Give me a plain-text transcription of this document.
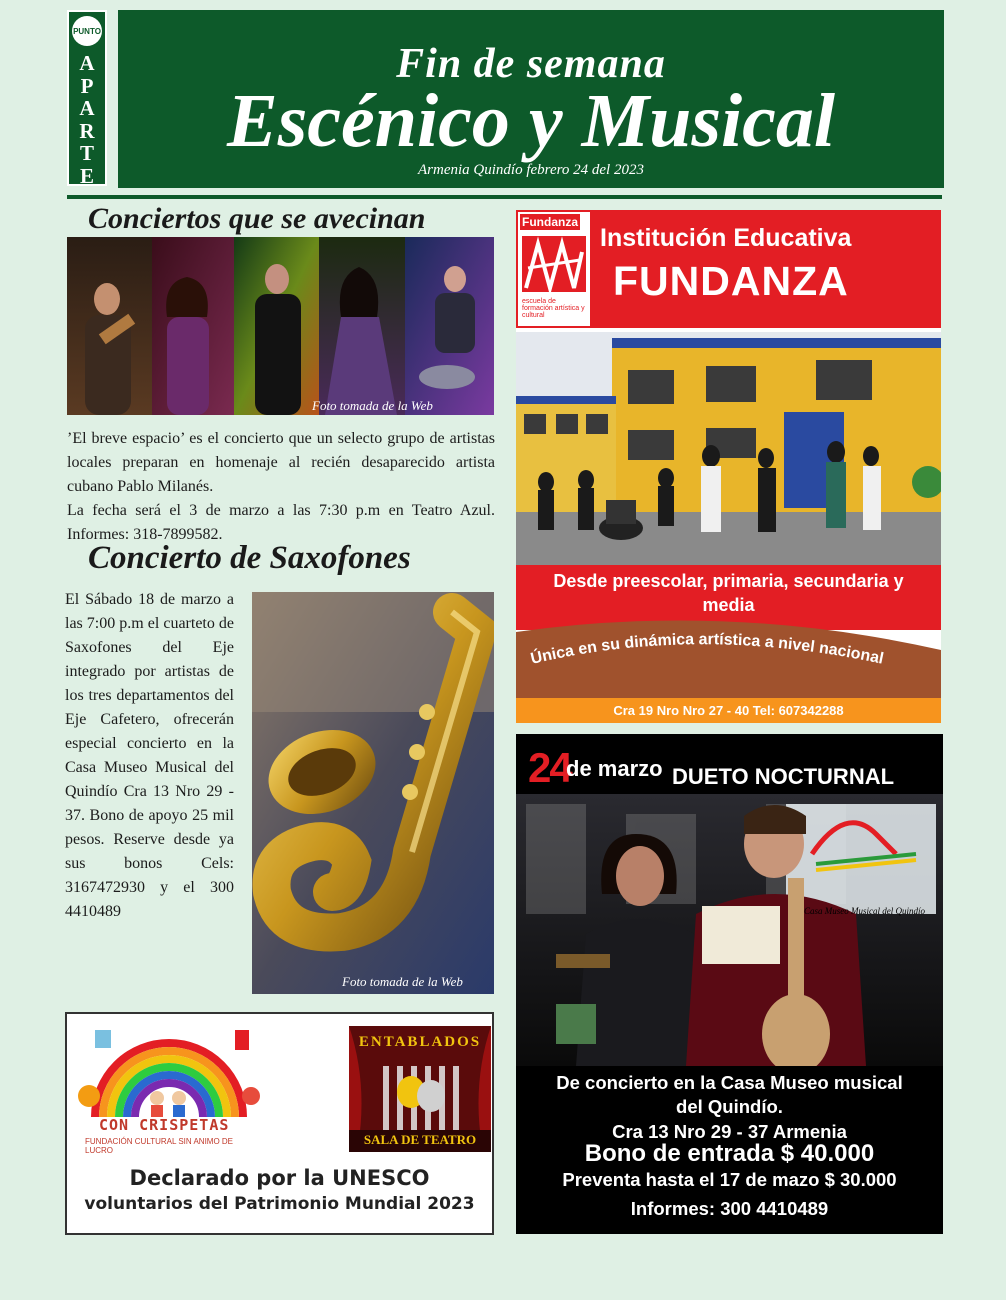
PUNTO
A
P
A
R
T
E
Fin de semana
Escénico y Musical
Armenia Quindío febrero 24 del 2023
Conciertos que se avecinan
Foto tomada de la Web

’El breve espacio’ es el concierto que un selecto grupo de artistas locales preparan en homenaje al recién desaparecido artista cubano Pablo Milanés.

La fecha será el 3 de marzo a las 7:30 p.m en Teatro Azul. Informes: 318-7899582.

Concierto de Saxofones
El Sábado 18 de marzo a las 7:00 p.m el cuarteto de Saxofones del Eje integrado por artistas de los tres departamentos del Eje Cafetero, ofrecerán especial concierto en la Casa Museo Musical del Quindío Cra 13 Nro 29 - 37. Bono de apoyo 25 mil pesos. Reserve desde ya sus bonos Cels: 3167472930 y el 300 4410489
Foto tomada de la Web
CON CRISPETAS
FUNDACIÓN CULTURAL SIN ANIMO DE LUCRO
ENTABLADOS
SALA DE TEATRO
Declarado por la UNESCO
voluntarios del Patrimonio Mundial 2023
Fundanza
escuela de formación artística y cultural
Institución Educativa
FUNDANZA
Desde preescolar, primaria, secundaria y media
Única en su dinámica artística a nivel nacional
Cra 19 Nro Nro 27 - 40 Tel: 607342288
24
de marzo DUETO NOCTURNAL
Casa Museo Musical del Quindío
De concierto en la Casa Museo musical
del Quindío.
Cra 13 Nro 29 - 37 Armenia
Bono de entrada $ 40.000
Preventa hasta el 17 de mazo $ 30.000
Informes: 300 4410489
